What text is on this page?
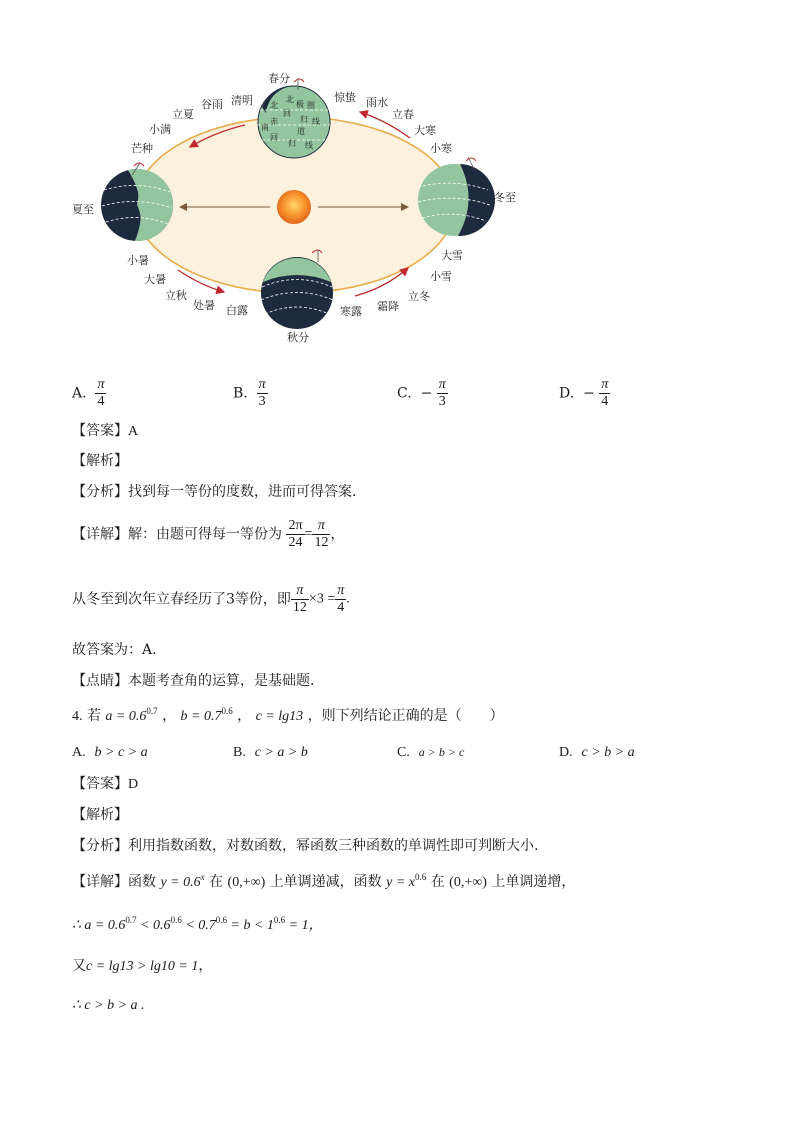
北
极 圈
北
回
归 线
赤
道
南
回
归 线
春分
夏至
秋分
冬至
立夏
谷雨 清明	惊蛰 雨水
立春
小满
芒种
大寒
小寒
小暑
大暑
立秋
处暑 白露	寒露 霜降
立冬
大雪
小雪
A. $\frac{\pi}{4}$	B. $\frac{\pi}{3}$	C. − $\frac{\pi}{3}$	D. − $\frac{\pi}{4}$
【答案】A
【解析】
【分析】找到每一等份的度数，进而可得答案．
【详解】解：由题可得每一等份为 $\frac{2\pi}{24} = \frac{\pi}{12}$ ，
从冬至到次年立春经历了3等份，即 $\frac{\pi}{12} \times 3 = \frac{\pi}{4}$ .
故答案为：A.
【点睛】本题考查角的运算，是基础题.
4. 若 $a = 0.6^{0.7}$ ， $b = 0.7^{0.6}$ ， c = lg13 ，则下列结论正确的是（　　）
A. b > c > a	B. c > a > b	C. a > b > c	D. c > b > a
【答案】D
【解析】
【分析】利用指数函数，对数函数，幂函数三种函数的单调性即可判断大小.
【详解】函数 $y = 0.6^x$ 在 (0,+∞) 上单调递减，函数 $y = x^{0.6}$ 在 (0,+∞) 上单调递增，
∴ $a = 0.6^{0.7} < 0.6^{0.6} < 0.7^{0.6} = b < 1^{0.6} = 1$，
又c = lg13 > lg10 = 1，
∴ c > b > a .
